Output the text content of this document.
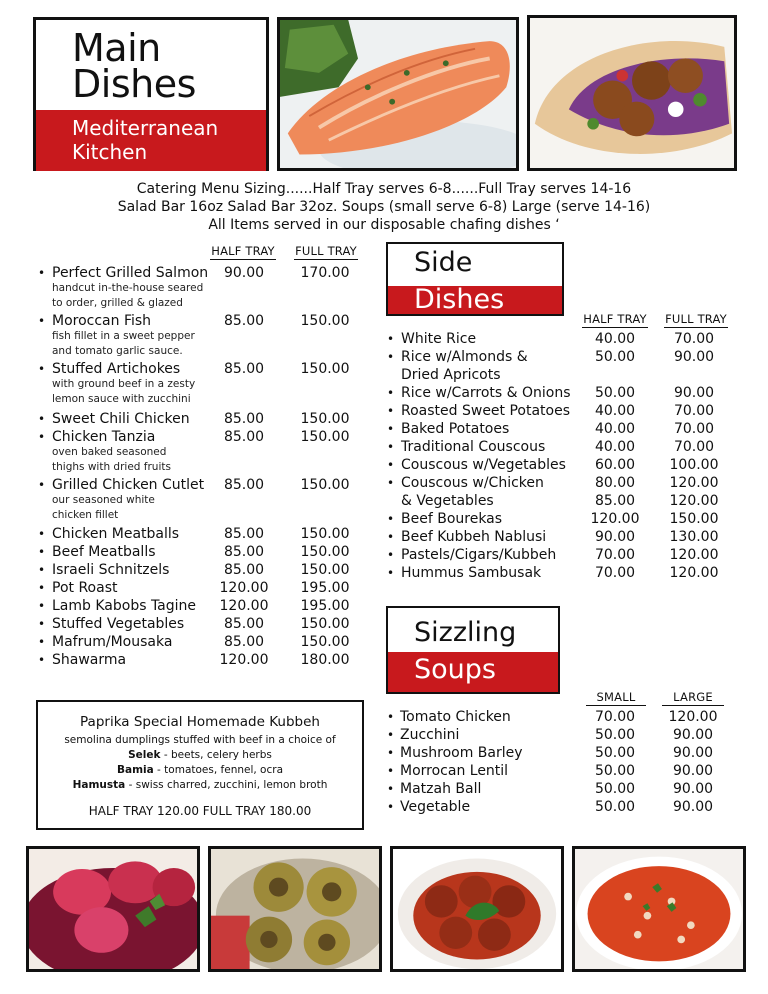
Main
Dishes
Mediterranean
Kitchen
Catering Menu Sizing......Half Tray serves 6-8......Full Tray serves 14-16
Salad Bar 16oz Salad Bar 32oz. Soups (small serve 6-8) Large (serve 14-16)
All Items served in our disposable chafing dishes ‘
HALF TRAY FULL TRAY
• Perfect Grilled Salmon	90.00	170.00
handcut in-the-house seared
to order, grilled & glazed
• Moroccan Fish	85.00	150.00
fish fillet in a sweet pepper
and tomato garlic sauce.
• Stuffed Artichokes	85.00	150.00
with ground beef in a zesty
lemon sauce with zucchini
• Sweet Chili Chicken	85.00	150.00
• Chicken Tanzia	85.00	150.00
oven baked seasoned
thighs with dried fruits
• Grilled Chicken Cutlet	85.00	150.00
our seasoned white
chicken fillet
• Chicken Meatballs	85.00	150.00
• Beef Meatballs	85.00	150.00
• Israeli Schnitzels	85.00	150.00
• Pot Roast	120.00	195.00
• Lamb Kabobs Tagine	120.00	195.00
• Stuffed Vegetables	85.00	150.00
• Mafrum/Mousaka	85.00	150.00
• Shawarma	120.00	180.00
Paprika Special Homemade Kubbeh
semolina dumplings stuffed with beef in a choice of
Selek - beets, celery herbs
Bamia - tomatoes, fennel, ocra
Hamusta - swiss charred, zucchini, lemon broth
HALF TRAY 120.00 FULL TRAY 180.00
Side
Dishes
HALF TRAY FULL TRAY
• White Rice	40.00	70.00
• Rice w/Almonds &	50.00	90.00
Dried Apricots
• Rice w/Carrots & Onions	50.00	90.00
• Roasted Sweet Potatoes	40.00	70.00
• Baked Potatoes	40.00	70.00
• Traditional Couscous	40.00	70.00
• Couscous w/Vegetables	60.00	100.00
• Couscous w/Chicken	80.00	120.00
& Vegetables	85.00	120.00
• Beef Bourekas	120.00	150.00
• Beef Kubbeh Nablusi	90.00	130.00
• Pastels/Cigars/Kubbeh	70.00	120.00
• Hummus Sambusak	70.00	120.00
Sizzling
Soups
SMALL	LARGE
• Tomato Chicken	70.00	120.00
• Zucchini	50.00	90.00
• Mushroom Barley	50.00	90.00
• Morrocan Lentil	50.00	90.00
• Matzah Ball	50.00	90.00
• Vegetable	50.00	90.00
